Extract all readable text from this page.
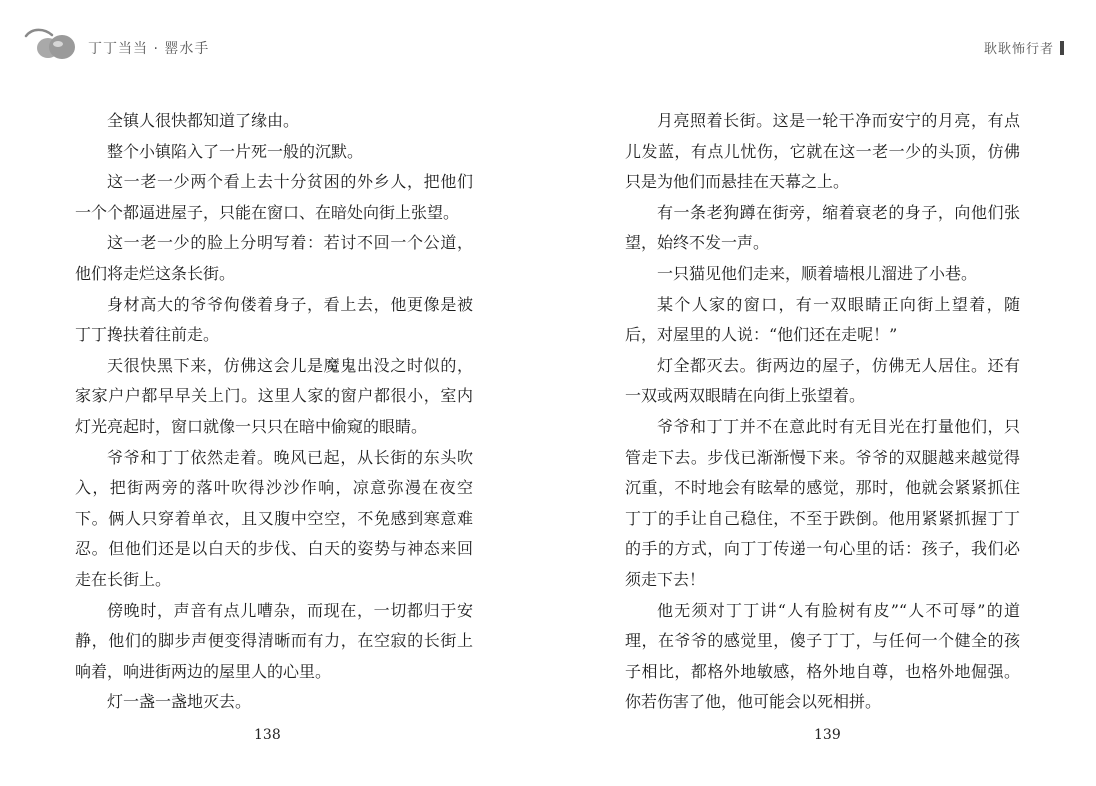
丁丁当当 · 罂水手

全镇人很快都知道了缘由。

整个小镇陷入了一片死一般的沉默。

这一老一少两个看上去十分贫困的外乡人，把他们一个个都逼进屋子，只能在窗口、在暗处向街上张望。

这一老一少的脸上分明写着：若讨不回一个公道，他们将走烂这条长街。

身材高大的爷爷佝偻着身子，看上去，他更像是被丁丁搀扶着往前走。

天很快黑下来，仿佛这会儿是魔鬼出没之时似的，家家户户都早早关上门。这里人家的窗户都很小，室内灯光亮起时，窗口就像一只只在暗中偷窥的眼睛。

爷爷和丁丁依然走着。晚风已起，从长街的东头吹入，把街两旁的落叶吹得沙沙作响，凉意弥漫在夜空下。俩人只穿着单衣，且又腹中空空，不免感到寒意难忍。但他们还是以白天的步伐、白天的姿势与神态来回走在长街上。

傍晚时，声音有点儿嘈杂，而现在，一切都归于安静，他们的脚步声便变得清晰而有力，在空寂的长街上响着，响进街两边的屋里人的心里。

灯一盏一盏地灭去。

138
耿耿怖行者

月亮照着长街。这是一轮干净而安宁的月亮，有点儿发蓝，有点儿忧伤，它就在这一老一少的头顶，仿佛只是为他们而悬挂在天幕之上。

有一条老狗蹲在街旁，缩着衰老的身子，向他们张望，始终不发一声。

一只猫见他们走来，顺着墙根儿溜进了小巷。

某个人家的窗口，有一双眼睛正向街上望着，随后，对屋里的人说：“他们还在走呢！”

灯全都灭去。街两边的屋子，仿佛无人居住。还有一双或两双眼睛在向街上张望着。

爷爷和丁丁并不在意此时有无目光在打量他们，只管走下去。步伐已渐渐慢下来。爷爷的双腿越来越觉得沉重，不时地会有眩晕的感觉，那时，他就会紧紧抓住丁丁的手让自己稳住，不至于跌倒。他用紧紧抓握丁丁的手的方式，向丁丁传递一句心里的话：孩子，我们必须走下去！

他无须对丁丁讲“人有脸树有皮”“人不可辱”的道理，在爷爷的感觉里，傻子丁丁，与任何一个健全的孩子相比，都格外地敏感，格外地自尊，也格外地倔强。你若伤害了他，他可能会以死相拼。

139
